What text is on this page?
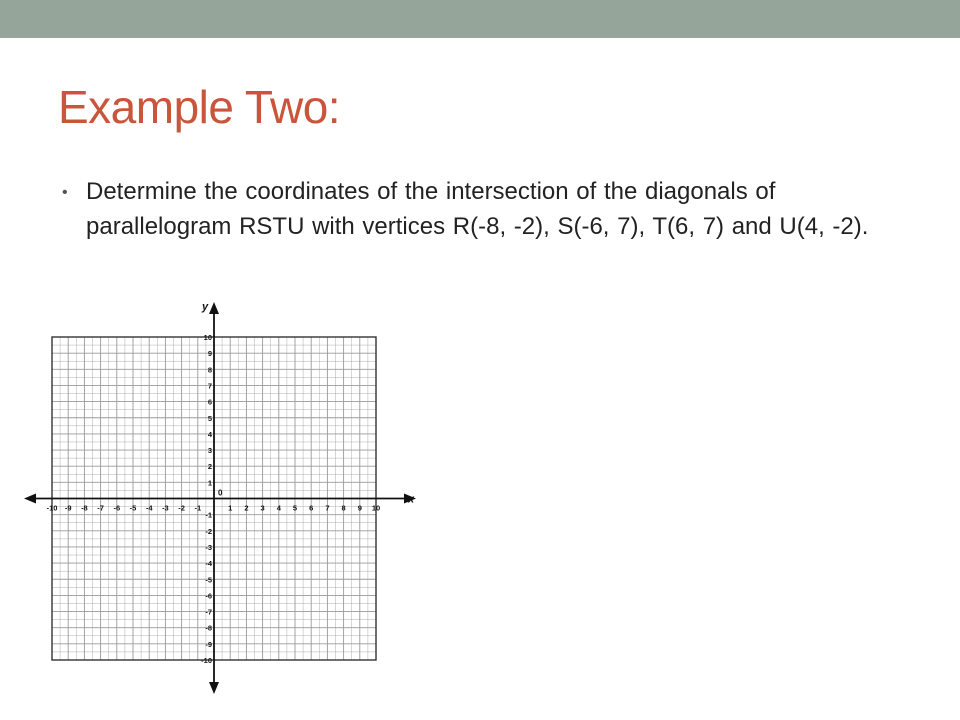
Example Two:
• Determine the coordinates of the intersection of the diagonals of parallelogram RSTU with vertices R(-8, -2), S(-6, 7), T(6, 7) and U(4, -2).
x
y
0
-10 -9 -8 -7 -6 -5 -4 -3 -2 -1	1 2 3 4 5 6 7 8 9 10
10
9
8
7
6
5
4
3
2
1
-1
-2
-3
-4
-5
-6
-7
-8
-9
-10
